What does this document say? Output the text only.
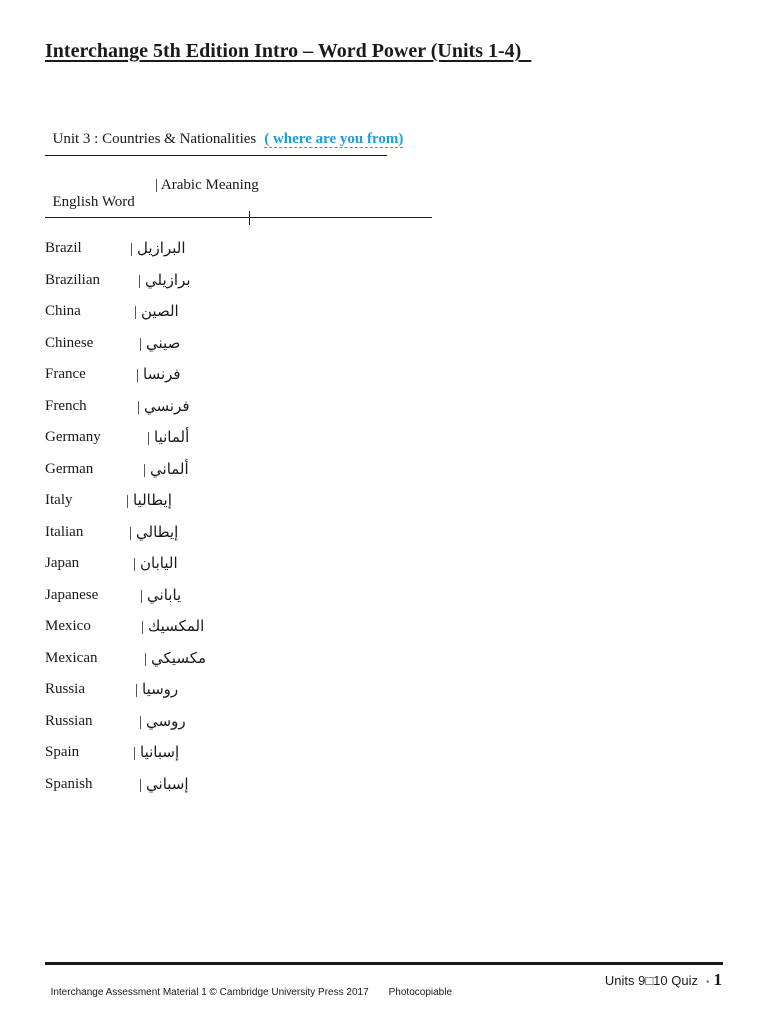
Interchange 5th Edition Intro – Word Power (Units 1-4)

Unit 3 : Countries & Nationalities ( where are you from)

English Word

| Arabic Meaning

Brazil	| البرازيل
Brazilian	| برازيلي
China	| الصين
Chinese	| صيني
France	| فرنسا
French	| فرنسي
Germany	| ألمانيا
German	| ألماني
Italy	| إيطاليا
Italian	| إيطالي
Japan	| اليابان
Japanese	| ياباني
Mexico	| المكسيك
Mexican	| مكسيكي
Russia	| روسيا
Russian	| روسي
Spain	| إسبانيا
Spanish	| إسباني

Interchange Assessment Material 1 © Cambridge University Press 2017 Photocopiable

Units 9□10 Quiz • 1
